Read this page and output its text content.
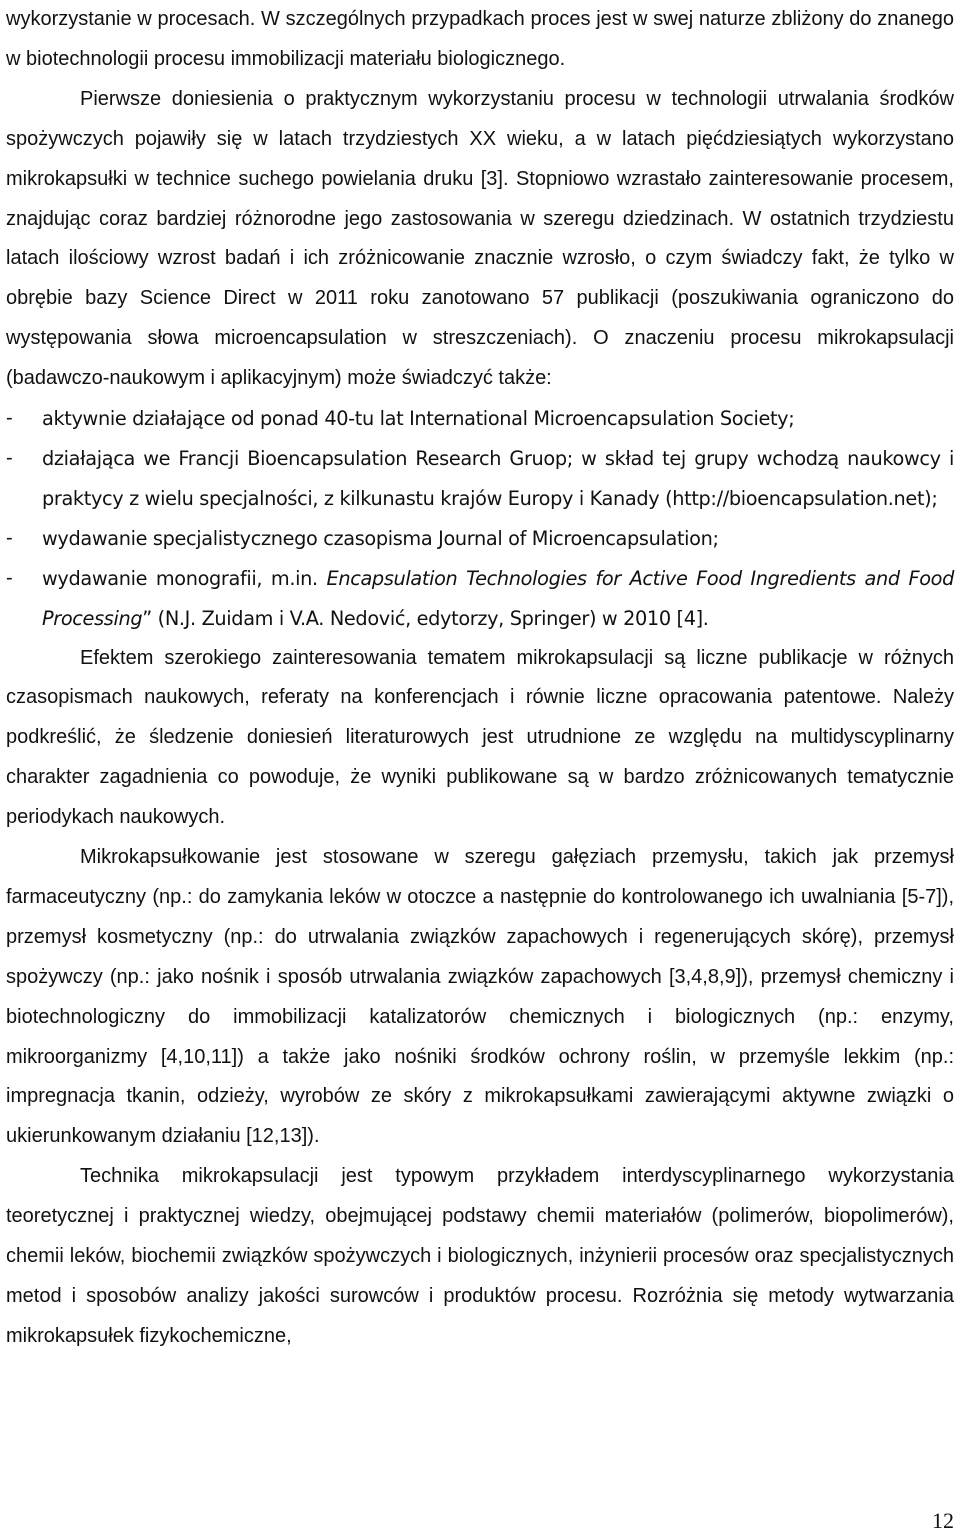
wykorzystanie w procesach. W szczególnych przypadkach proces jest w swej naturze zbliżony do znanego w biotechnologii procesu immobilizacji materiału biologicznego.

Pierwsze doniesienia o praktycznym wykorzystaniu procesu w technologii utrwalania środków spożywczych pojawiły się w latach trzydziestych XX wieku, a w latach pięćdziesiątych wykorzystano mikrokapsułki w technice suchego powielania druku [3]. Stopniowo wzrastało zainteresowanie procesem, znajdując coraz bardziej różnorodne jego zastosowania w szeregu dziedzinach. W ostatnich trzydziestu latach ilościowy wzrost badań i ich zróżnicowanie znacznie wzrosło, o czym świadczy fakt, że tylko w obrębie bazy Science Direct w 2011 roku zanotowano 57 publikacji (poszukiwania ograniczono do występowania słowa microencapsulation w streszczeniach). O znaczeniu procesu mikrokapsulacji (badawczo-naukowym i aplikacyjnym) może świadczyć także:

- aktywnie działające od ponad 40-tu lat International Microencapsulation Society;
- działająca we Francji Bioencapsulation Research Gruop; w skład tej grupy wchodzą naukowcy i praktycy z wielu specjalności, z kilkunastu krajów Europy i Kanady (http://bioencapsulation.net);
- wydawanie specjalistycznego czasopisma Journal of Microencapsulation;
- wydawanie monografii, m.in. Encapsulation Technologies for Active Food Ingredients and Food Processing” (N.J. Zuidam i V.A. Nedović, edytorzy, Springer) w 2010 [4].

Efektem szerokiego zainteresowania tematem mikrokapsulacji są liczne publikacje w różnych czasopismach naukowych, referaty na konferencjach i równie liczne opracowania patentowe. Należy podkreślić, że śledzenie doniesień literaturowych jest utrudnione ze względu na multidyscyplinarny charakter zagadnienia co powoduje, że wyniki publikowane są w bardzo zróżnicowanych tematycznie periodykach naukowych.

Mikrokapsułkowanie jest stosowane w szeregu gałęziach przemysłu, takich jak przemysł farmaceutyczny (np.: do zamykania leków w otoczce a następnie do kontrolowanego ich uwalniania [5-7]), przemysł kosmetyczny (np.: do utrwalania związków zapachowych i regenerujących skórę), przemysł spożywczy (np.: jako nośnik i sposób utrwalania związków zapachowych [3,4,8,9]), przemysł chemiczny i biotechnologiczny do immobilizacji katalizatorów chemicznych i biologicznych (np.: enzymy, mikroorganizmy [4,10,11]) a także jako nośniki środków ochrony roślin, w przemyśle lekkim (np.: impregnacja tkanin, odzieży, wyrobów ze skóry z mikrokapsułkami zawierającymi aktywne związki o ukierunkowanym działaniu [12,13]).

Technika mikrokapsulacji jest typowym przykładem interdyscyplinarnego wykorzystania teoretycznej i praktycznej wiedzy, obejmującej podstawy chemii materiałów (polimerów, biopolimerów), chemii leków, biochemii związków spożywczych i biologicznych, inżynierii procesów oraz specjalistycznych metod i sposobów analizy jakości surowców i produktów procesu. Rozróżnia się metody wytwarzania mikrokapsułek fizykochemiczne,

12
